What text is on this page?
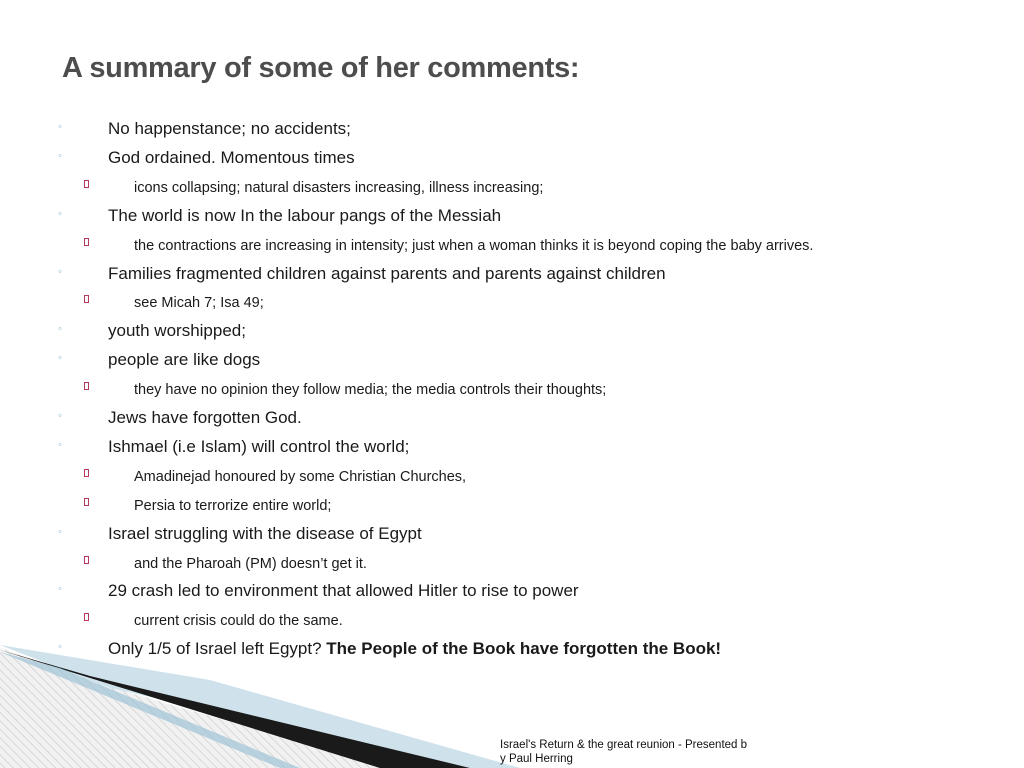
A summary of some of her comments:
◦	No happenstance; no accidents;
◦	God ordained. Momentous times
icons collapsing; natural disasters increasing, illness increasing;
◦	The world is now In the labour pangs of the Messiah
the contractions are increasing in intensity; just when a woman thinks it is beyond coping the baby arrives.
◦	Families fragmented children against parents and parents against children
see Micah 7; Isa 49;
◦	youth worshipped;
◦	people are like dogs
they have no opinion they follow media; the media controls their thoughts;
◦	Jews have forgotten God.
◦	Ishmael (i.e Islam) will control the world;
Amadinejad honoured by some Christian Churches,
Persia to terrorize entire world;
◦	Israel struggling with the disease of Egypt
and the Pharoah (PM) doesn’t get it.
◦	29 crash led to environment that allowed Hitler to rise to power
current crisis could do the same.
◦	Only 1/5 of Israel left Egypt? The People of the Book have forgotten the Book!
Israel's Return & the great reunion - Presented by Paul Herring
